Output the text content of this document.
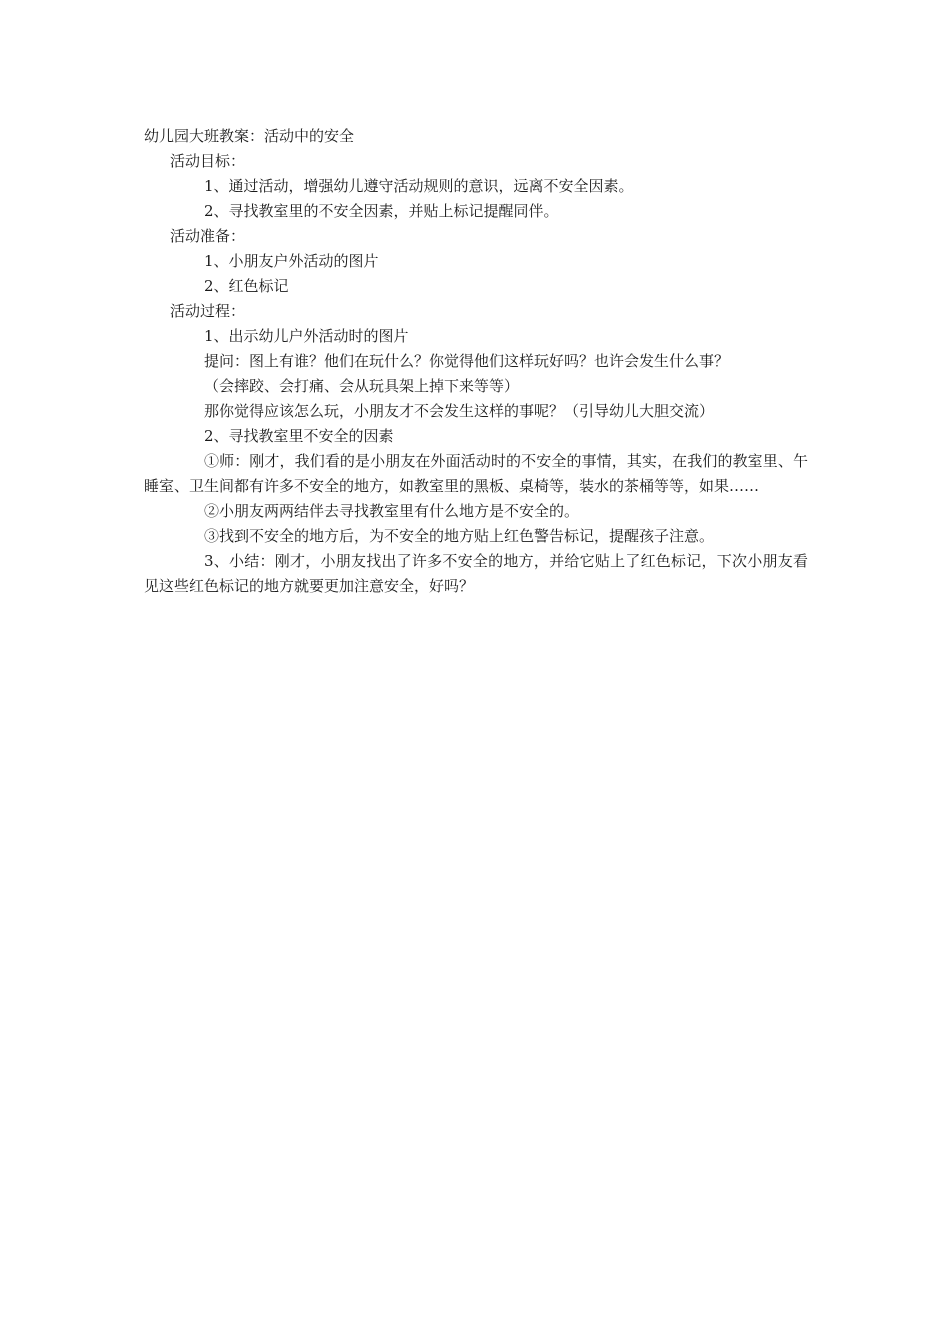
幼儿园大班教案：活动中的安全

活动目标：

1、通过活动，增强幼儿遵守活动规则的意识，远离不安全因素。

2、寻找教室里的不安全因素，并贴上标记提醒同伴。

活动准备：

1、小朋友户外活动的图片

2、红色标记

活动过程：

1、出示幼儿户外活动时的图片

提问：图上有谁？他们在玩什么？你觉得他们这样玩好吗？也许会发生什么事？

（会摔跤、会打痛、会从玩具架上掉下来等等）

那你觉得应该怎么玩，小朋友才不会发生这样的事呢？（引导幼儿大胆交流）

2、寻找教室里不安全的因素

①师：刚才，我们看的是小朋友在外面活动时的不安全的事情，其实，在我们的教室里、午睡室、卫生间都有许多不安全的地方，如教室里的黑板、桌椅等，装水的茶桶等等，如果……

②小朋友两两结伴去寻找教室里有什么地方是不安全的。

③找到不安全的地方后，为不安全的地方贴上红色警告标记，提醒孩子注意。

3、小结：刚才，小朋友找出了许多不安全的地方，并给它贴上了红色标记，下次小朋友看见这些红色标记的地方就要更加注意安全，好吗？
